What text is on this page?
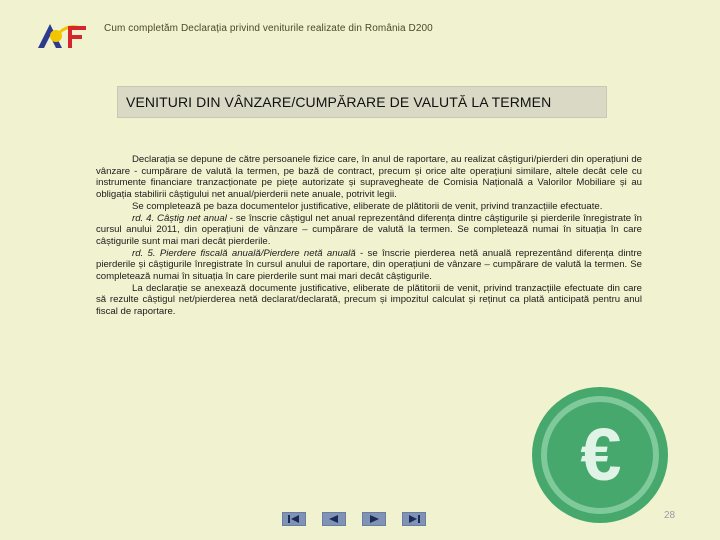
Cum completăm Declarația privind veniturile realizate din România D200
VENITURI DIN VÂNZARE/CUMPĂRARE DE VALUTĂ LA TERMEN

Declarația se depune de către persoanele fizice care, în anul de raportare, au realizat câștiguri/pierderi din operațiuni de vânzare - cumpărare de valută la termen, pe bază de contract, precum și orice alte operațiuni similare, altele decât cele cu instrumente financiare tranzacționate pe piețe autorizate și supravegheate de Comisia Națională a Valorilor Mobiliare și au obligația stabilirii câștigului net anual/pierderii nete anuale, potrivit legii.

Se completează pe baza documentelor justificative, eliberate de plătitorii de venit, privind tranzacțiile efectuate.

rd. 4. Câștig net anual - se înscrie câștigul net anual reprezentând diferența dintre câștigurile și pierderile înregistrate în cursul anului 2011, din operațiuni de vânzare – cumpărare de valută la termen. Se completează numai în situația în care câștigurile sunt mai mari decât pierderile.

rd. 5. Pierdere fiscală anuală/Pierdere netă anuală - se înscrie pierderea netă anuală reprezentând diferența dintre pierderile și câștigurile înregistrate în cursul anului de raportare, din operațiuni de vânzare – cumpărare de valută la termen. Se completează numai în situația în care pierderile sunt mai mari decât câștigurile.

La declarație se anexează documente justificative, eliberate de plătitorii de venit, privind tranzacțiile efectuate din care să rezulte câștigul net/pierderea netă declarat/declarată, precum și impozitul calculat și reținut ca plată anticipată pentru anul fiscal de raportare.

€
28
